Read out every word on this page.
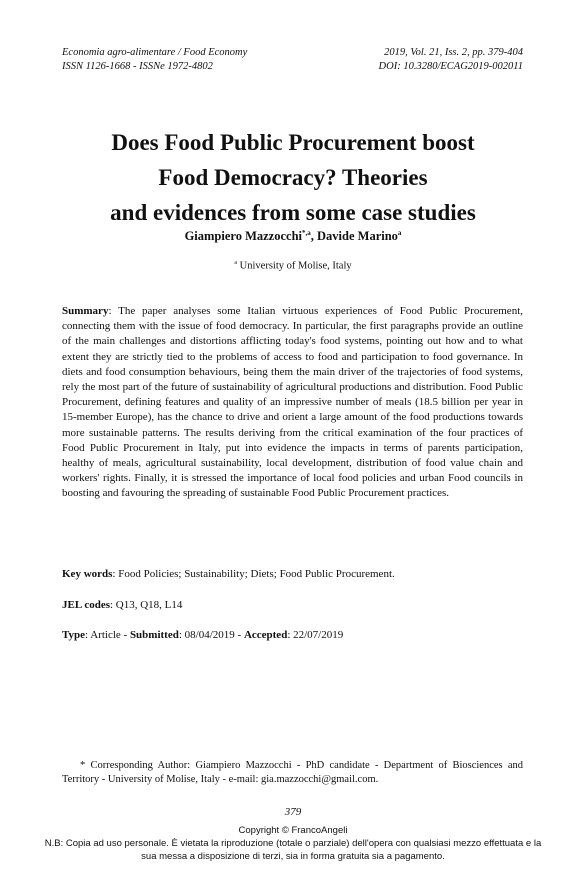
Economia agro-alimentare / Food Economy	2019, Vol. 21, Iss. 2, pp. 379-404
ISSN 1126-1668 - ISSNe 1972-4802	DOI: 10.3280/ECAG2019-002011
Does Food Public Procurement boost
Food Democracy? Theories
and evidences from some case studies
Giampiero Mazzocchi$^{*,a}$, Davide Marino$^a$
$^a$ University of Molise, Italy
Summary: The paper analyses some Italian virtuous experiences of Food Public Procurement, connecting them with the issue of food democracy. In particular, the first paragraphs provide an outline of the main challenges and distortions afflicting today's food systems, pointing out how and to what extent they are strictly tied to the problems of access to food and participation to food governance. In diets and food consumption behaviours, being them the main driver of the trajectories of food systems, rely the most part of the future of sustainability of agricultural productions and distribution. Food Public Procurement, defining features and quality of an impressive number of meals (18.5 billion per year in 15-member Europe), has the chance to drive and orient a large amount of the food productions towards more sustainable patterns. The results deriving from the critical examination of the four practices of Food Public Procurement in Italy, put into evidence the impacts in terms of parents participation, healthy of meals, agricultural sustainability, local development, distribution of food value chain and workers' rights. Finally, it is stressed the importance of local food policies and urban Food councils in boosting and favouring the spreading of sustainable Food Public Procurement practices.
Key words: Food Policies; Sustainability; Diets; Food Public Procurement.
JEL codes: Q13, Q18, L14
Type: Article - Submitted: 08/04/2019 - Accepted: 22/07/2019
* Corresponding Author: Giampiero Mazzocchi - PhD candidate - Department of Biosciences and Territory - University of Molise, Italy - e-mail: gia.mazzocchi@gmail.com.
379
Copyright © FrancoAngeli
N.B: Copia ad uso personale. È vietata la riproduzione (totale o parziale) dell'opera con qualsiasi mezzo effettuata e la sua messa a disposizione di terzi, sia in forma gratuita sia a pagamento.
